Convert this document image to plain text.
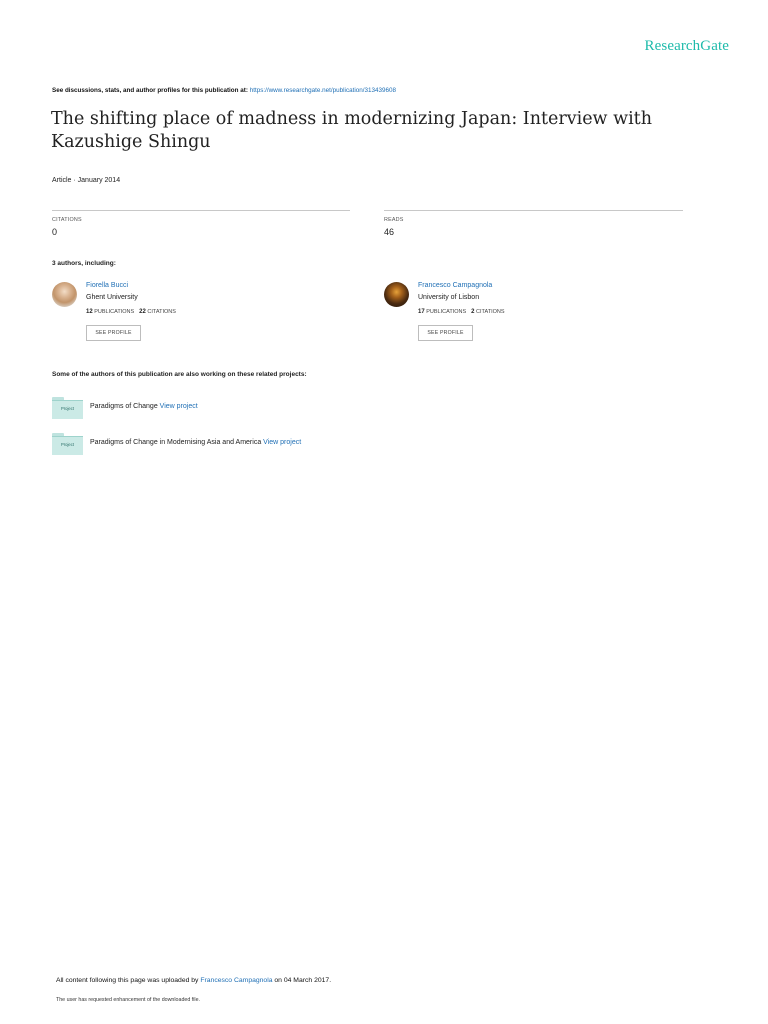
ResearchGate
See discussions, stats, and author profiles for this publication at: https://www.researchgate.net/publication/313439608
The shifting place of madness in modernizing Japan: Interview with Kazushige Shingu
Article · January 2014
CITATIONS
0
READS
46
3 authors, including:
Fiorella Bucci
Ghent University
12 PUBLICATIONS 22 CITATIONS
SEE PROFILE
Francesco Campagnola
University of Lisbon
17 PUBLICATIONS 2 CITATIONS
SEE PROFILE
Some of the authors of this publication are also working on these related projects:
Project	Paradigms of Change View project
Project	Paradigms of Change in Modernising Asia and America View project
All content following this page was uploaded by Francesco Campagnola on 04 March 2017.
The user has requested enhancement of the downloaded file.
